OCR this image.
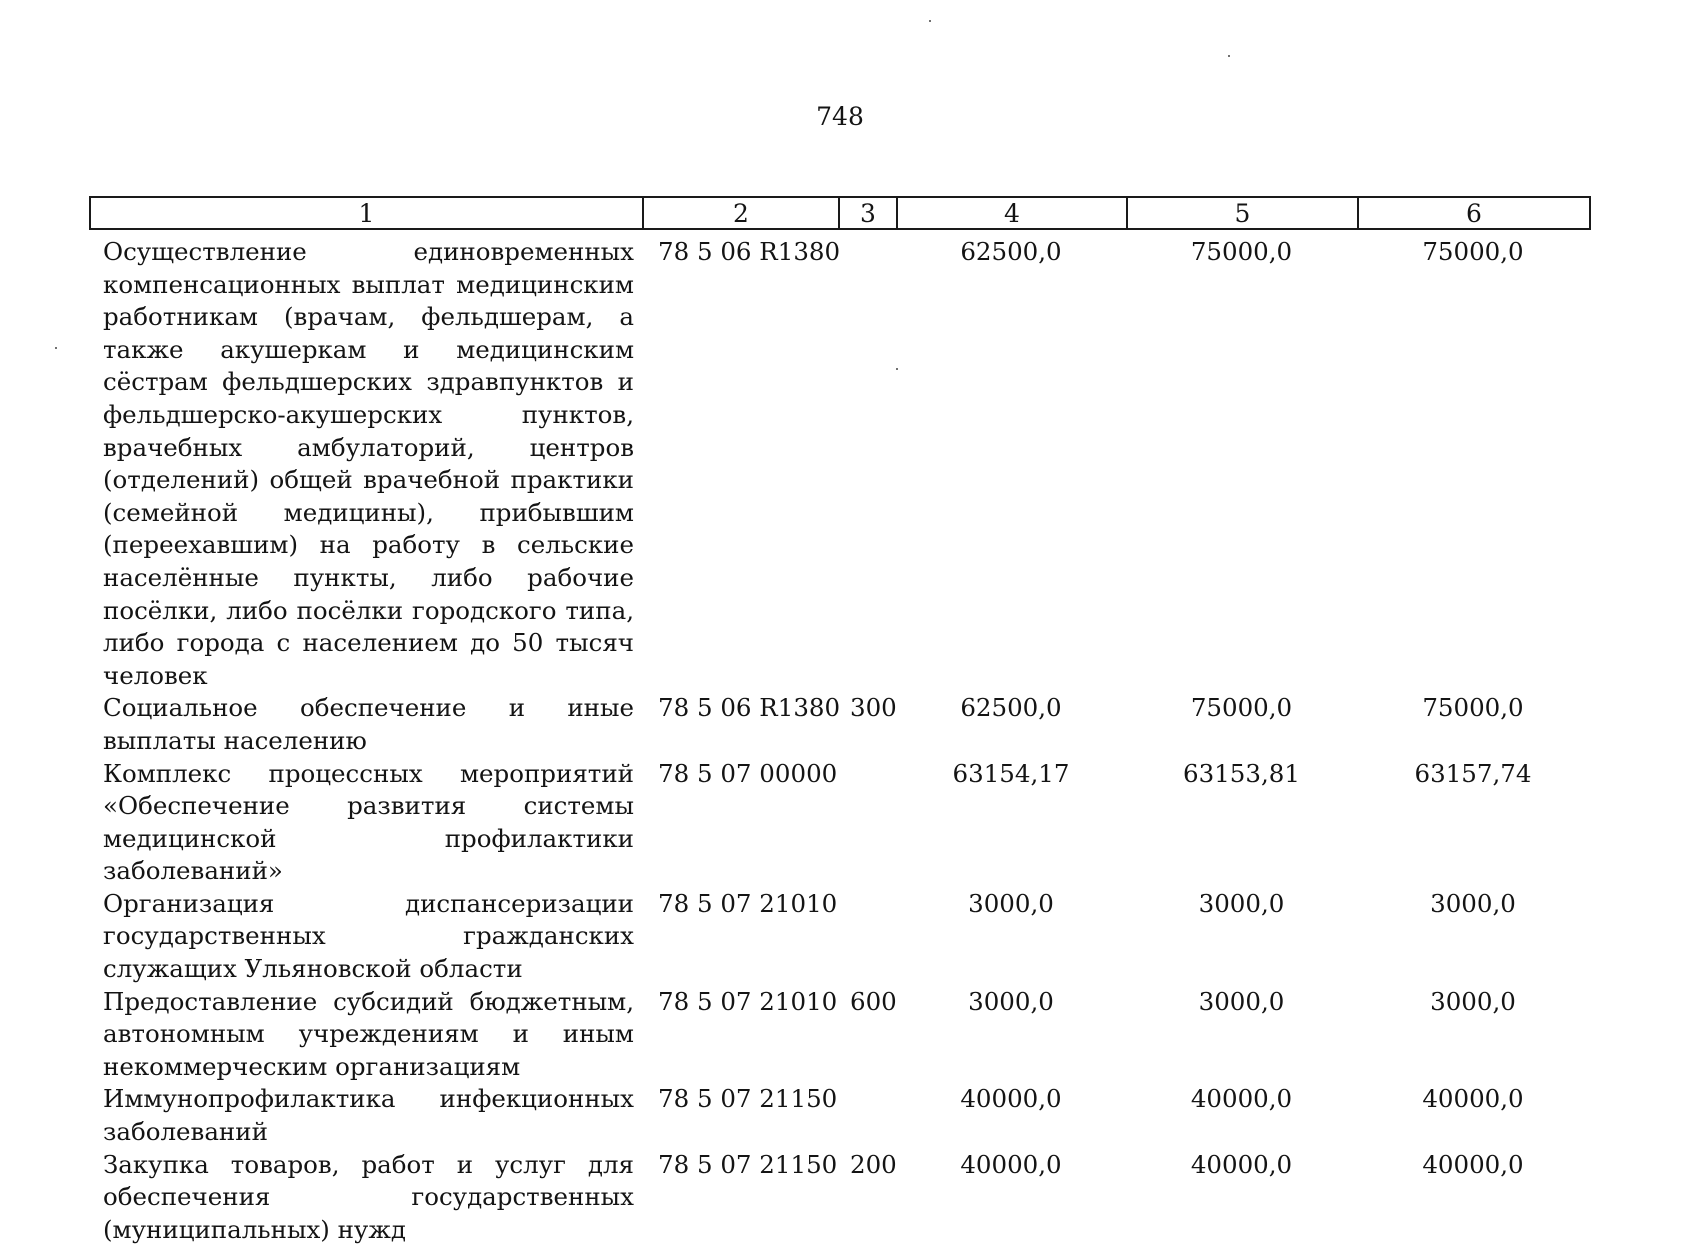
748
1	2	3	4	5	6
Осуществление единовременных компенсационных выплат медицинским работникам (врачам, фельдшерам, а также акушеркам и медицинским сёстрам фельдшерских здравпунктов и фельдшерско-акушерских пунктов, врачебных амбулаторий, центров (отделений) общей врачебной практики (семейной медицины), прибывшим (переехавшим) на работу в сельские населённые пункты, либо рабочие посёлки, либо посёлки городского типа, либо города с населением до 50 тысяч человек	78 5 06 R1380		62500,0	75000,0	75000,0
Социальное обеспечение и иные выплаты населению	78 5 06 R1380	300	62500,0	75000,0	75000,0
Комплекс процессных мероприятий «Обеспечение развития системы медицинской профилактики заболеваний»	78 5 07 00000		63154,17	63153,81	63157,74
Организация диспансеризации государственных гражданских служащих Ульяновской области	78 5 07 21010		3000,0	3000,0	3000,0
Предоставление субсидий бюджетным, автономным учреждениям и иным некоммерческим организациям	78 5 07 21010	600	3000,0	3000,0	3000,0
Иммунопрофилактика инфекционных заболеваний	78 5 07 21150		40000,0	40000,0	40000,0
Закупка товаров, работ и услуг для обеспечения государственных (муниципальных) нужд	78 5 07 21150	200	40000,0	40000,0	40000,0
